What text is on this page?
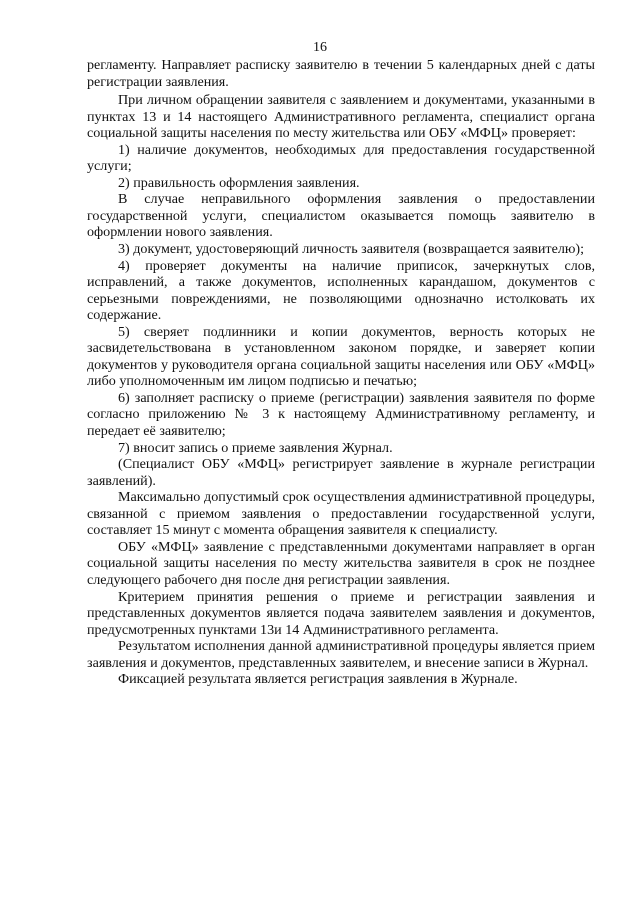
16

регламенту. Направляет расписку заявителю в течении 5 календарных дней с даты регистрации заявления.

При личном обращении заявителя с заявлением и документами, указанными в пунктах 13 и 14 настоящего Административного регламента, специалист органа социальной защиты населения по месту жительства или ОБУ «МФЦ» проверяет:

1) наличие документов, необходимых для предоставления государственной услуги;

2) правильность оформления заявления.

В случае неправильного оформления заявления о предоставлении государственной услуги, специалистом оказывается помощь заявителю в оформлении нового заявления.

3) документ, удостоверяющий личность заявителя (возвращается заявителю);

4) проверяет документы на наличие приписок, зачеркнутых слов, исправлений, а также документов, исполненных карандашом, документов с серьезными повреждениями, не позволяющими однозначно истолковать их содержание.

5) сверяет подлинники и копии документов, верность которых не засвидетельствована в установленном законом порядке, и заверяет копии документов у руководителя органа социальной защиты населения или ОБУ «МФЦ» либо уполномоченным им лицом подписью и печатью;

6) заполняет расписку о приеме (регистрации) заявления заявителя по форме согласно приложению № 3 к настоящему Административному регламенту, и передает её заявителю;

7) вносит запись о приеме заявления Журнал.

(Специалист ОБУ «МФЦ» регистрирует заявление в журнале регистрации заявлений).

Максимально допустимый срок осуществления административной процедуры, связанной с приемом заявления о предоставлении государственной услуги, составляет 15 минут с момента обращения заявителя к специалисту.

ОБУ «МФЦ» заявление с представленными документами направляет в орган социальной защиты населения по месту жительства заявителя в срок не позднее следующего рабочего дня после дня регистрации заявления.

Критерием принятия решения о приеме и регистрации заявления и представленных документов является подача заявителем заявления и документов, предусмотренных пунктами 13и 14 Административного регламента.

Результатом исполнения данной административной процедуры является прием заявления и документов, представленных заявителем, и внесение записи в Журнал.

Фиксацией результата является регистрация заявления в Журнале.
